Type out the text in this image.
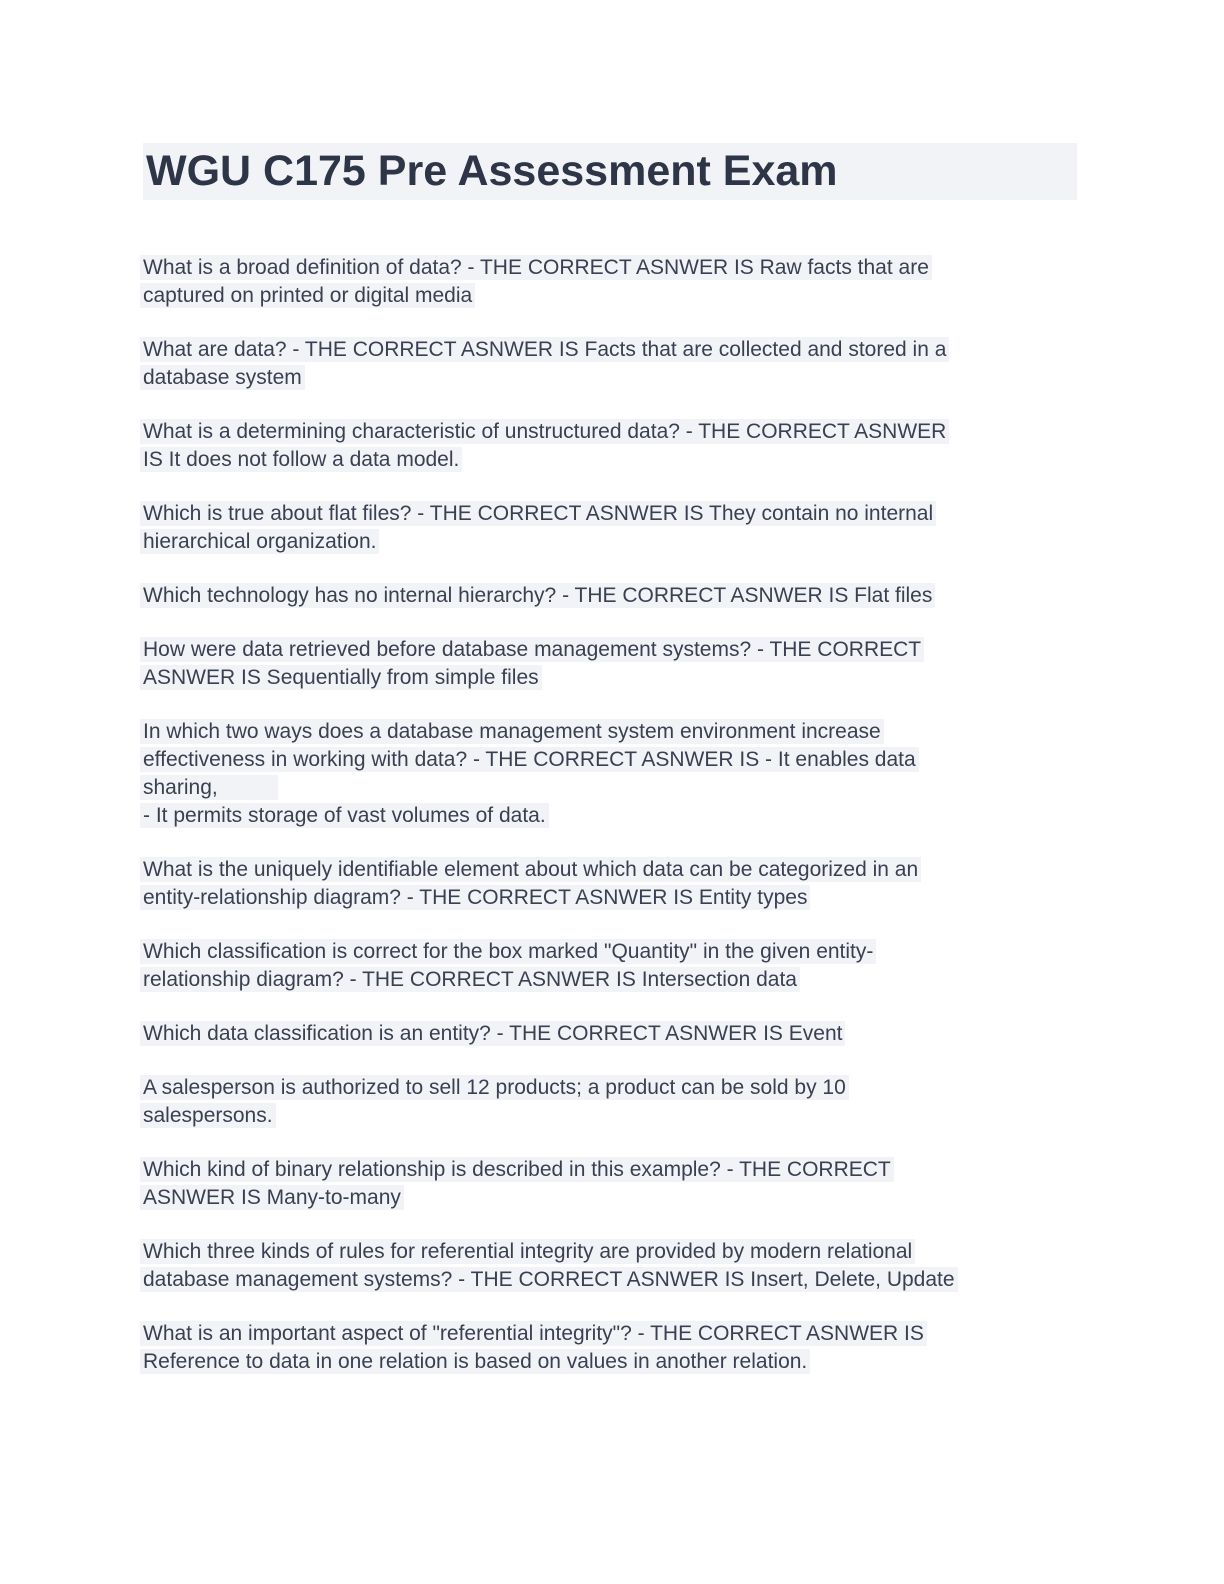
WGU C175 Pre Assessment Exam
What is a broad definition of data? - THE CORRECT ASNWER IS Raw facts that are
captured on printed or digital media
What are data? - THE CORRECT ASNWER IS Facts that are collected and stored in a
database system
What is a determining characteristic of unstructured data? - THE CORRECT ASNWER
IS It does not follow a data model.
Which is true about flat files? - THE CORRECT ASNWER IS They contain no internal
hierarchical organization.
Which technology has no internal hierarchy? - THE CORRECT ASNWER IS Flat files
How were data retrieved before database management systems? - THE CORRECT
ASNWER IS Sequentially from simple files
In which two ways does a database management system environment increase
effectiveness in working with data? - THE CORRECT ASNWER IS - It enables data
sharing,
- It permits storage of vast volumes of data.
What is the uniquely identifiable element about which data can be categorized in an
entity-relationship diagram? - THE CORRECT ASNWER IS Entity types
Which classification is correct for the box marked "Quantity" in the given entity-
relationship diagram? - THE CORRECT ASNWER IS Intersection data
Which data classification is an entity? - THE CORRECT ASNWER IS Event
A salesperson is authorized to sell 12 products; a product can be sold by 10
salespersons.
Which kind of binary relationship is described in this example? - THE CORRECT
ASNWER IS Many-to-many
Which three kinds of rules for referential integrity are provided by modern relational
database management systems? - THE CORRECT ASNWER IS Insert, Delete, Update
What is an important aspect of "referential integrity"? - THE CORRECT ASNWER IS
Reference to data in one relation is based on values in another relation.
